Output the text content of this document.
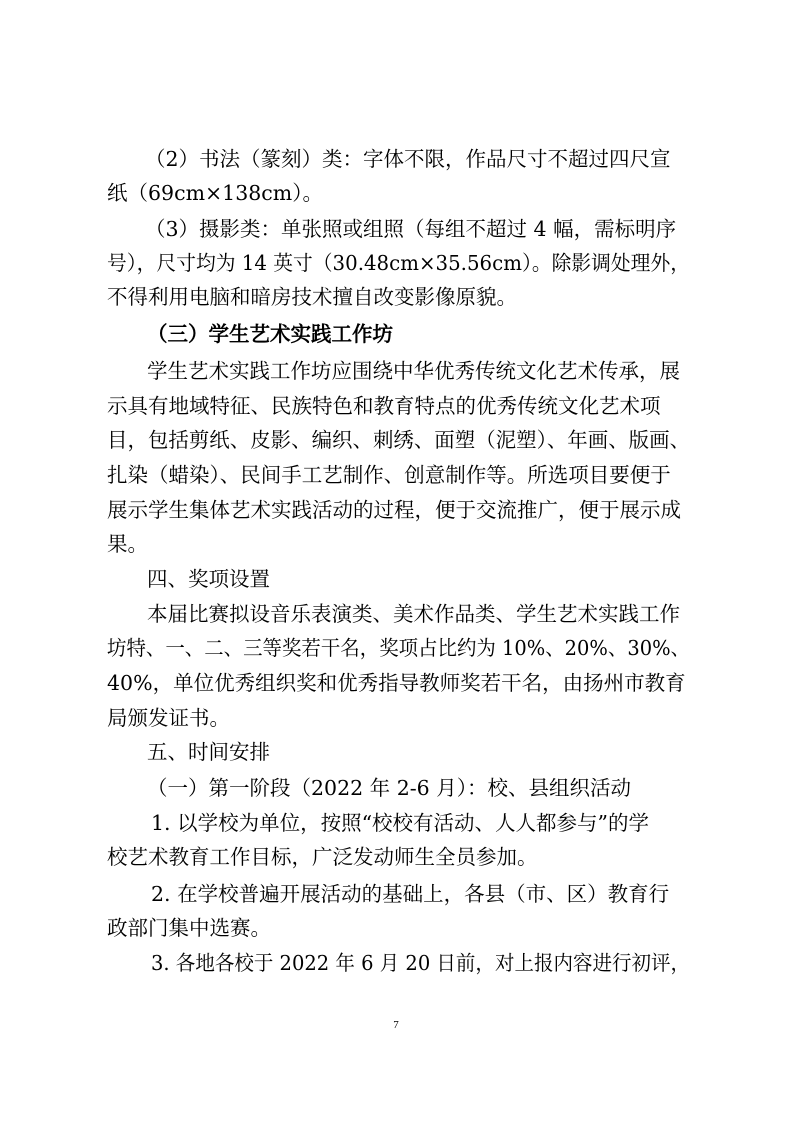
（2）书法（篆刻）类：字体不限，作品尺寸不超过四尺宣
纸（69cm×138cm）。
（3）摄影类：单张照或组照（每组不超过 4 幅，需标明序
号），尺寸均为 14 英寸（30.48cm×35.56cm）。除影调处理外，
不得利用电脑和暗房技术擅自改变影像原貌。
（三）学生艺术实践工作坊
学生艺术实践工作坊应围绕中华优秀传统文化艺术传承，展
示具有地域特征、民族特色和教育特点的优秀传统文化艺术项
目，包括剪纸、皮影、编织、刺绣、面塑（泥塑）、年画、版画、
扎染（蜡染）、民间手工艺制作、创意制作等。所选项目要便于
展示学生集体艺术实践活动的过程，便于交流推广，便于展示成
果。
四、奖项设置
本届比赛拟设音乐表演类、美术作品类、学生艺术实践工作
坊特、一、二、三等奖若干名，奖项占比约为 10%、20%、30%、
40%，单位优秀组织奖和优秀指导教师奖若干名，由扬州市教育
局颁发证书。
五、时间安排
（一）第一阶段（2022 年 2-6 月）：校、县组织活动
1. 以学校为单位，按照“校校有活动、人人都参与”的学
校艺术教育工作目标，广泛发动师生全员参加。
2. 在学校普遍开展活动的基础上，各县（市、区）教育行
政部门集中选赛。
3. 各地各校于 2022 年 6 月 20 日前，对上报内容进行初评，
7
